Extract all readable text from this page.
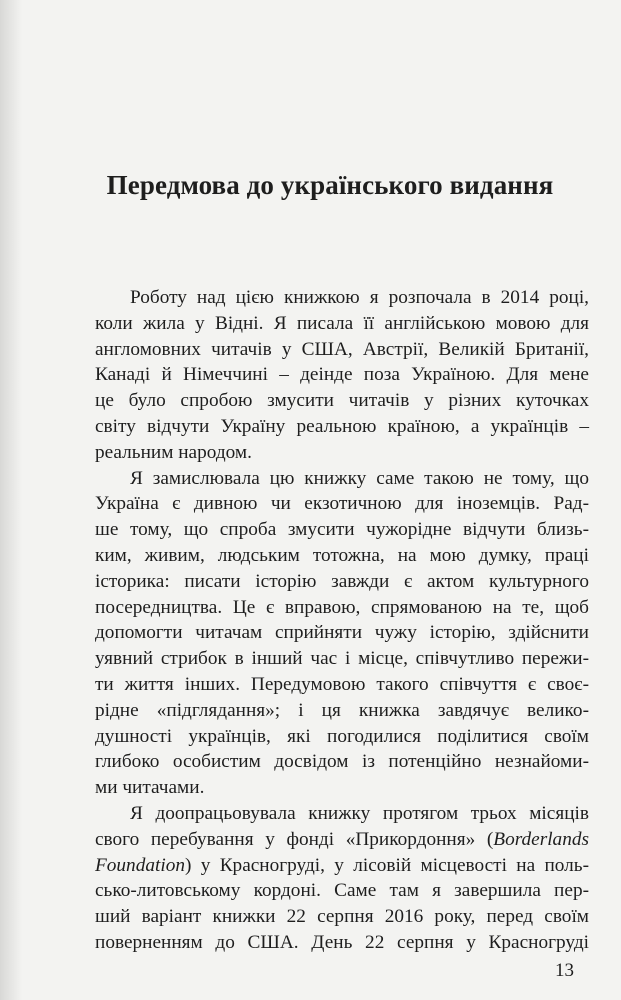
Передмова до українського видання
Роботу над цією книжкою я розпочала в 2014 році,
коли жила у Відні. Я писала її англійською мовою для
англомовних читачів у США, Австрії, Великій Британії,
Канаді й Німеччині – деінде поза Україною. Для мене
це було спробою змусити читачів у різних куточках
світу відчути Україну реальною країною, а українців –
реальним народом.
Я замислювала цю книжку саме такою не тому, що
Україна є дивною чи екзотичною для іноземців. Рад-
ше тому, що спроба змусити чужорідне відчути близь-
ким, живим, людським тотожна, на мою думку, праці
історика: писати історію завжди є актом культурного
посередництва. Це є вправою, спрямованою на те, щоб
допомогти читачам сприйняти чужу історію, здійснити
уявний стрибок в інший час і місце, співчутливо пережи-
ти життя інших. Передумовою такого співчуття є своє-
рідне «підглядання»; і ця книжка завдячує велико-
душності українців, які погодилися поділитися своїм
глибоко особистим досвідом із потенційно незнайоми-
ми читачами.
Я доопрацьовувала книжку протягом трьох місяців
свого перебування у фонді «Прикордоння» (Borderlands
Foundation) у Красногруді, у лісовій місцевості на поль-
сько-литовському кордоні. Саме там я завершила пер-
ший варіант книжки 22 серпня 2016 року, перед своїм
поверненням до США. День 22 серпня у Красногруді
13
